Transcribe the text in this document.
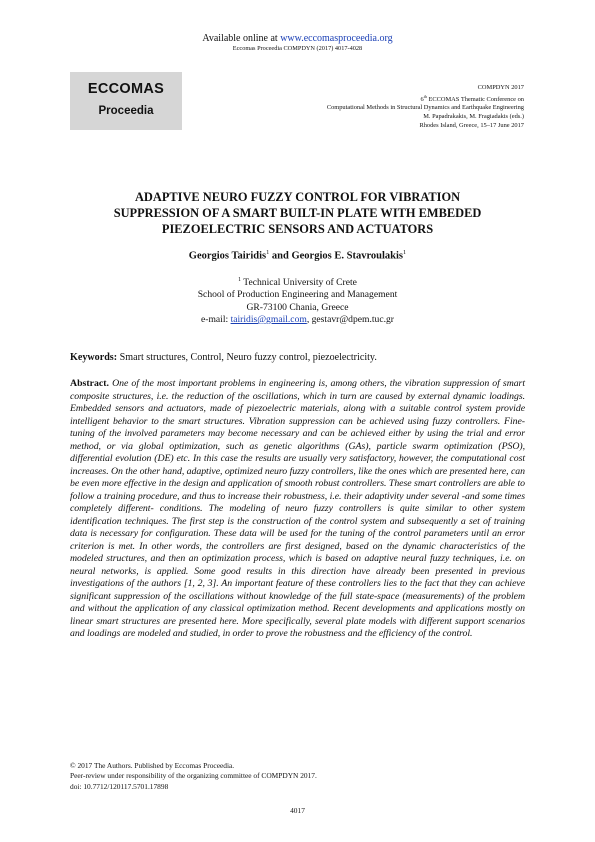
Available online at www.eccomasproceedia.org
Eccomas Proceedia COMPDYN (2017) 4017-4028
ECCOMAS
Proceedia
COMPDYN 2017
6th ECCOMAS Thematic Conference on
Computational Methods in Structural Dynamics and Earthquake Engineering
M. Papadrakakis, M. Fragiadakis (eds.)
Rhodes Island, Greece, 15–17 June 2017
ADAPTIVE NEURO FUZZY CONTROL FOR VIBRATION
SUPPRESSION OF A SMART BUILT-IN PLATE WITH EMBEDED
PIEZOELECTRIC SENSORS AND ACTUATORS
Georgios Tairidis$^1$ and Georgios E. Stavroulakis$^1$
$^1$ Technical University of Crete
School of Production Engineering and Management
GR-73100 Chania, Greece
e-mail: tairidis@gmail.com, gestavr@dpem.tuc.gr
Keywords: Smart structures, Control, Neuro fuzzy control, piezoelectricity.
Abstract. One of the most important problems in engineering is, among others, the vibration suppression of smart composite structures, i.e. the reduction of the oscillations, which in turn are caused by external dynamic loadings. Embedded sensors and actuators, made of piezoelectric materials, along with a suitable control system provide intelligent behavior to the smart structures. Vibration suppression can be achieved using fuzzy controllers. Fine-tuning of the involved parameters may become necessary and can be achieved either by using the trial and error method, or via global optimization, such as genetic algorithms (GAs), particle swarm optimization (PSO), differential evolution (DE) etc. In this case the results are usually very satisfactory, however, the computational cost increases. On the other hand, adaptive, optimized neuro fuzzy controllers, like the ones which are presented here, can be even more effective in the design and application of smooth robust controllers. These smart controllers are able to follow a training procedure, and thus to increase their robustness, i.e. their adaptivity under several -and some times completely different- conditions. The modeling of neuro fuzzy controllers is quite similar to other system identification techniques. The first step is the construction of the control system and subsequently a set of training data is necessary for configuration. These data will be used for the tuning of the control parameters until an error criterion is met. In other words, the controllers are first designed, based on the dynamic characteristics of the modeled structures, and then an optimization process, which is based on adaptive neural fuzzy techniques, i.e. on neural networks, is applied. Some good results in this direction have already been presented in previous investigations of the authors [1, 2, 3]. An important feature of these controllers lies to the fact that they can achieve significant suppression of the oscillations without knowledge of the full state-space (measurements) of the problem and without the application of any classical optimization method. Recent developments and applications mostly on linear smart structures are presented here. More specifically, several plate models with different support scenarios and loadings are modeled and studied, in order to prove the robustness and the efficiency of the control.
© 2017 The Authors. Published by Eccomas Proceedia.
Peer-review under responsibility of the organizing committee of COMPDYN 2017.
doi: 10.7712/120117.5701.17898
4017
